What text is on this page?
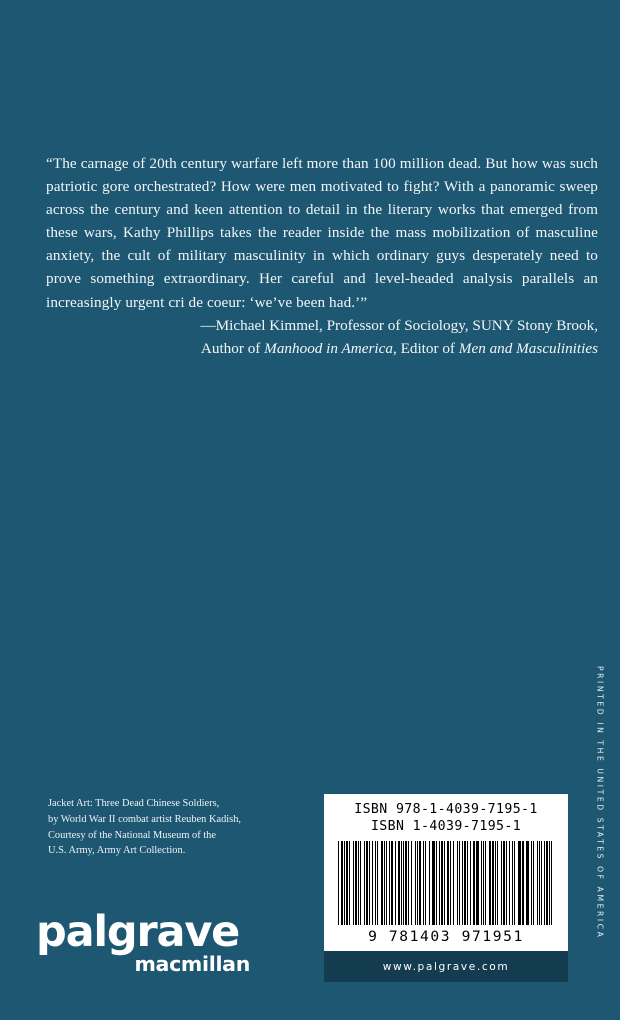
“The carnage of 20th century warfare left more than 100 million dead. But how was such patriotic gore orchestrated? How were men motivated to fight? With a panoramic sweep across the century and keen attention to detail in the literary works that emerged from these wars, Kathy Phillips takes the reader inside the mass mobilization of masculine anxiety, the cult of military masculinity in which ordinary guys desperately need to prove something extraordinary. Her careful and level-headed analysis parallels an increasingly urgent cri de coeur: ‘we’ve been had.’”

—Michael Kimmel, Professor of Sociology, SUNY Stony Brook,
Author of Manhood in America, Editor of Men and Masculinities

Jacket Art: Three Dead Chinese Soldiers,
by World War II combat artist Reuben Kadish,
Courtesy of the National Museum of the
U.S. Army, Army Art Collection.
palgrave
macmillan
ISBN 978-1-4039-7195-1
ISBN 1-4039-7195-1
9 781403 971951
www.palgrave.com
PRINTED IN THE UNITED STATES OF AMERICA
